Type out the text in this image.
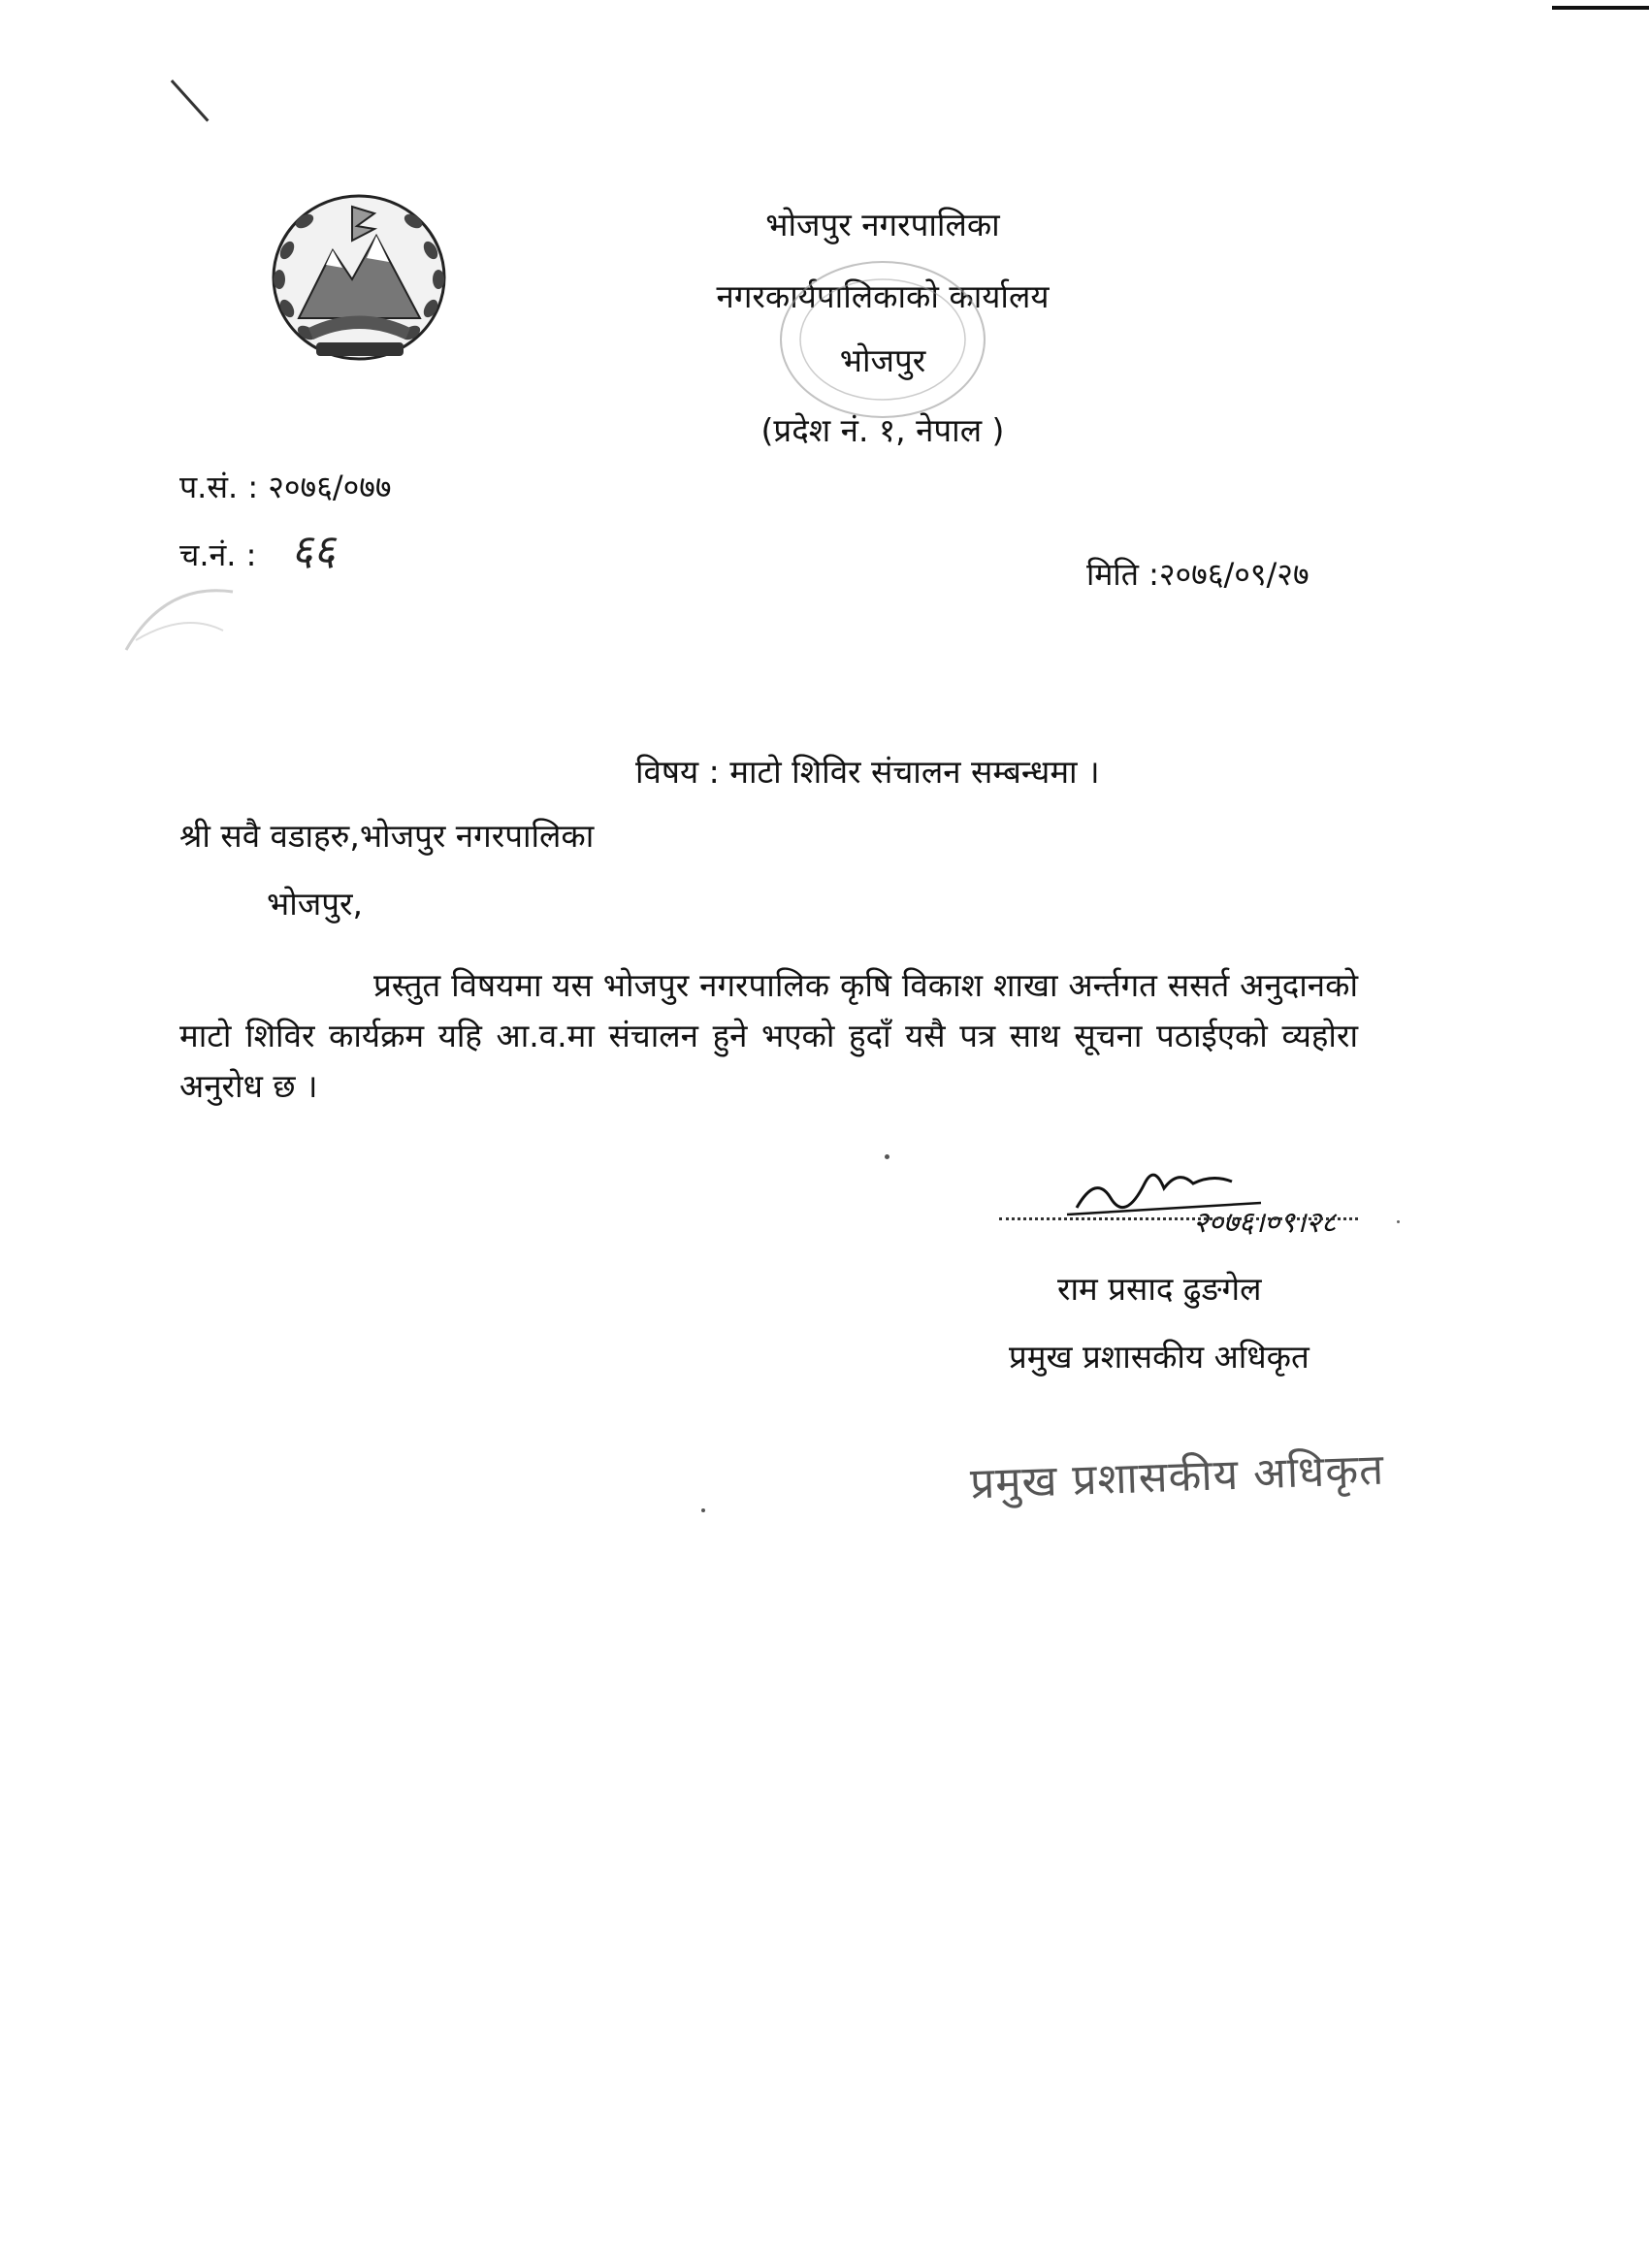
भोजपुर नगरपालिका
नगरकार्यपालिकाको कार्यालय
भोजपुर
(प्रदेश नं. १, नेपाल )
प.सं. : २०७६/०७७
च.नं. : ६६	मिति :२०७६/०९/२७
विषय : माटो शिविर संचालन सम्बन्धमा ।
श्री सवै वडाहरु,भोजपुर नगरपालिका
भोजपुर,
प्रस्तुत विषयमा यस भोजपुर नगरपालिक कृषि विकाश शाखा अर्न्तगत ससर्त अनुदानको माटो शिविर कार्यक्रम यहि आ.व.मा संचालन हुने भएको हुदाँ यसै पत्र साथ सूचना पठाईएको व्यहोरा अनुरोध छ ।
२०७६।०९।२८
राम प्रसाद ढुङगेल
प्रमुख प्रशासकीय अधिकृत
प्रमुख प्रशासकीय अधिकृत
